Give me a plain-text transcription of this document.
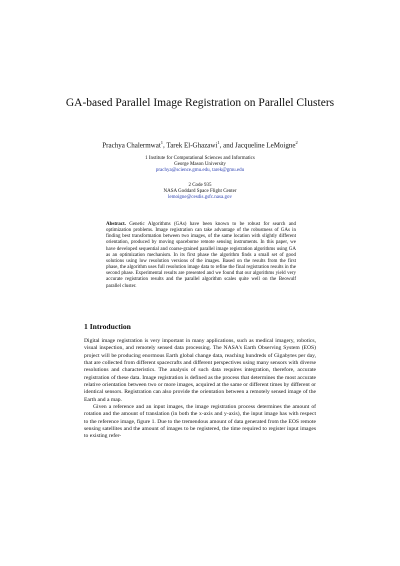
GA-based Parallel Image Registration on Parallel Clusters
Prachya Chalermwat$^1$, Tarek El-Ghazawi$^1$, and Jacqueline LeMoigne$^2$
1 Institute for Computational Sciences and Informatics
George Mason University
prachya@science.gmu.edu, tarek@gmu.edu
2 Code 935
NASA Goddard Space Flight Center
lemoigne@cesdis.gsfc.nasa.gov
Abstract. Genetic Algorithms (GAs) have been known to be robust for search and optimization problems. Image registration can take advantage of the robustness of GAs in finding best transformation between two images, of the same location with slightly different orientation, produced by moving spaceborne remote sensing instruments. In this paper, we have developed sequential and coarse-grained parallel image registration algorithms using GA as an optimization mechanism. In its first phase the algorithm finds a small set of good solutions using low resolution versions of the images. Based on the results from the first phase, the algorithm uses full resolution image data to refine the final registration results in the second phase. Experimental results are presented and we found that our algorithms yield very accurate registration results and the parallel algorithm scales quite well on the Beowulf parallel cluster.
1 Introduction

Digital image registration is very important in many applications, such as medical imagery, robotics, visual inspection, and remotely sensed data processing. The NASA's Earth Observing System (EOS) project will be producing enormous Earth global change data, reaching hundreds of Gigabytes per day, that are collected from different spacecrafts and different perspectives using many sensors with diverse resolutions and characteristics. The analysis of such data requires integration, therefore, accurate registration of these data. Image registration is defined as the process that determines the most accurate relative orientation between two or more images, acquired at the same or different times by different or identical sensors. Registration can also provide the orientation between a remotely sensed image of the Earth and a map.

Given a reference and an input images, the image registration process determines the amount of rotation and the amount of translation (in both the x-axis and y-axis), the input image has with respect to the reference image, figure 1. Due to the tremendous amount of data generated from the EOS remote sensing satellites and the amount of images to be registered, the time required to register input images to existing refer-
